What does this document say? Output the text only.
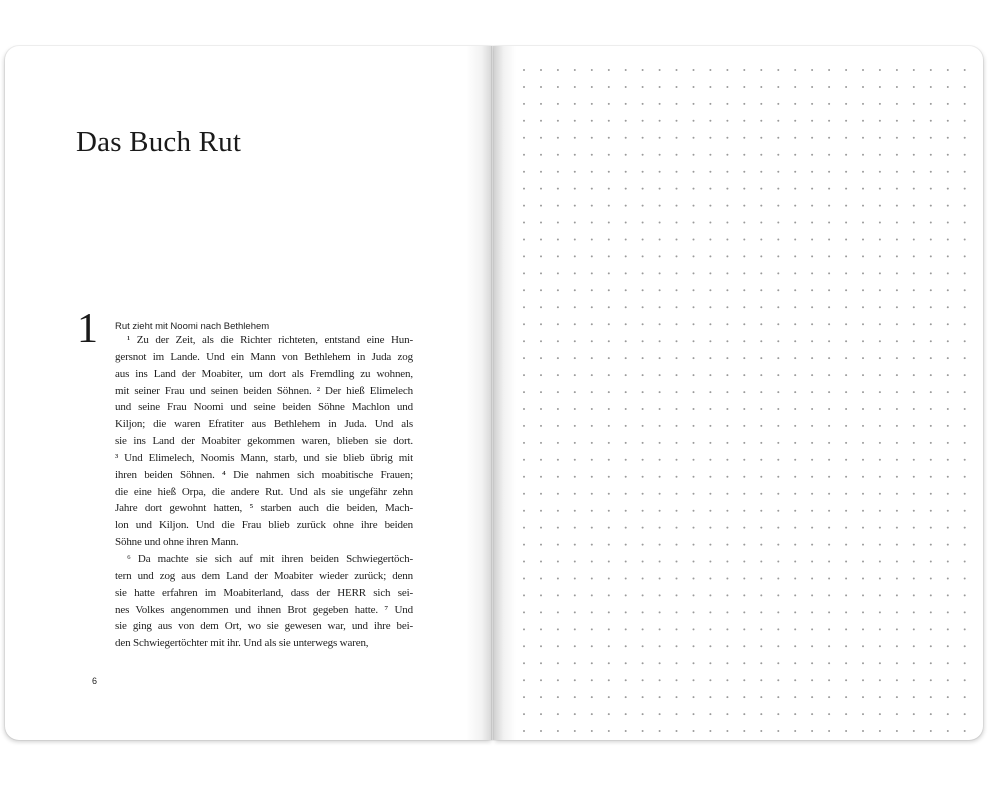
Das Buch Rut
1 Rut zieht mit Noomi nach Bethlehem
¹ Zu der Zeit, als die Richter richteten, entstand eine Hun-
gersnot im Lande. Und ein Mann von Bethlehem in Juda zog
aus ins Land der Moabiter, um dort als Fremdling zu wohnen,
mit seiner Frau und seinen beiden Söhnen. ² Der hieß Elimelech
und seine Frau Noomi und seine beiden Söhne Machlon und
Kiljon; die waren Efratiter aus Bethlehem in Juda. Und als
sie ins Land der Moabiter gekommen waren, blieben sie dort.
³ Und Elimelech, Noomis Mann, starb, und sie blieb übrig mit
ihren beiden Söhnen. ⁴ Die nahmen sich moabitische Frauen;
die eine hieß Orpa, die andere Rut. Und als sie ungefähr zehn
Jahre dort gewohnt hatten, ⁵ starben auch die beiden, Mach-
lon und Kiljon. Und die Frau blieb zurück ohne ihre beiden
Söhne und ohne ihren Mann.
⁶ Da machte sie sich auf mit ihren beiden Schwiegertöch-
tern und zog aus dem Land der Moabiter wieder zurück; denn
sie hatte erfahren im Moabiterland, dass der HERR sich sei-
nes Volkes angenommen und ihnen Brot gegeben hatte. ⁷ Und
sie ging aus von dem Ort, wo sie gewesen war, und ihre bei-
den Schwiegertöchter mit ihr. Und als sie unterwegs waren,
6
